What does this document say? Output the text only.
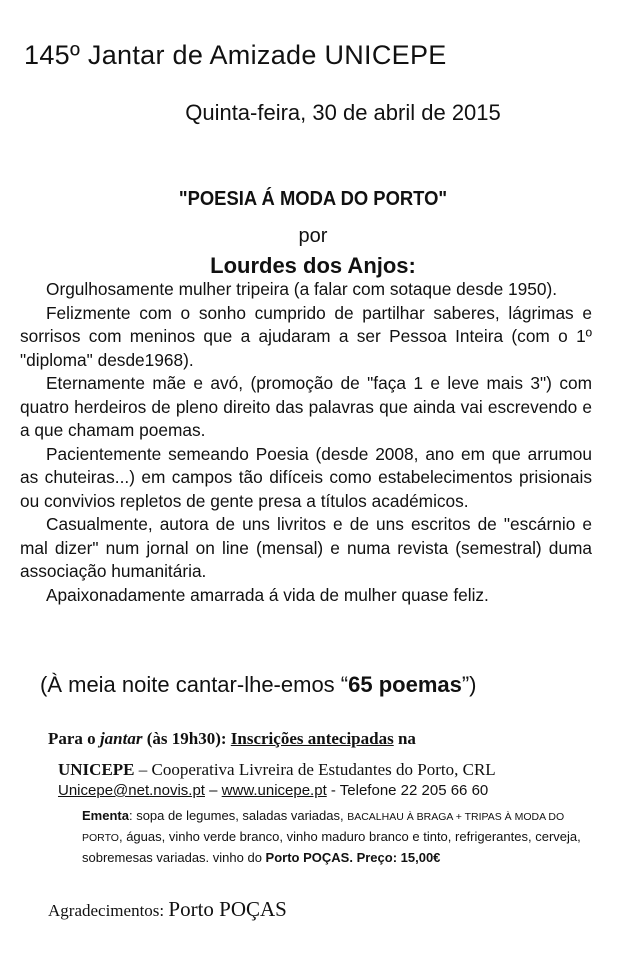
145º Jantar de Amizade UNICEPE
Quinta-feira, 30 de abril de 2015
"POESIA Á MODA DO PORTO"
por
Lourdes dos Anjos:

Orgulhosamente mulher tripeira (a falar com sotaque desde 1950).

Felizmente com o sonho cumprido de partilhar saberes, lágrimas e sorrisos com meninos que a ajudaram a ser Pessoa Inteira (com o 1º "diploma" desde1968).

Eternamente mãe e avó, (promoção de "faça 1 e leve mais 3") com quatro herdeiros de pleno direito das palavras que ainda vai escrevendo e a que chamam poemas.

Pacientemente semeando Poesia (desde 2008, ano em que arrumou as chuteiras...) em campos tão difíceis como estabelecimentos prisionais ou convivios repletos de gente presa a títulos académicos.

Casualmente, autora de uns livritos e de uns escritos de "escárnio e mal dizer" num jornal on line (mensal) e numa revista (semestral) duma associação humanitária.

Apaixonadamente amarrada á vida de mulher quase feliz.

(À meia noite cantar-lhe-emos “65 poemas”)
Para o jantar (às 19h30): Inscrições antecipadas na
UNICEPE – Cooperativa Livreira de Estudantes do Porto, CRL
Unicepe@net.novis.pt – www.unicepe.pt - Telefone 22 205 66 60
Ementa: sopa de legumes, saladas variadas, BACALHAU À BRAGA + TRIPAS À MODA DO PORTO, águas, vinho verde branco, vinho maduro branco e tinto, refrigerantes, cerveja, sobremesas variadas. vinho do Porto POÇAS. Preço: 15,00€
Agradecimentos: Porto POÇAS
